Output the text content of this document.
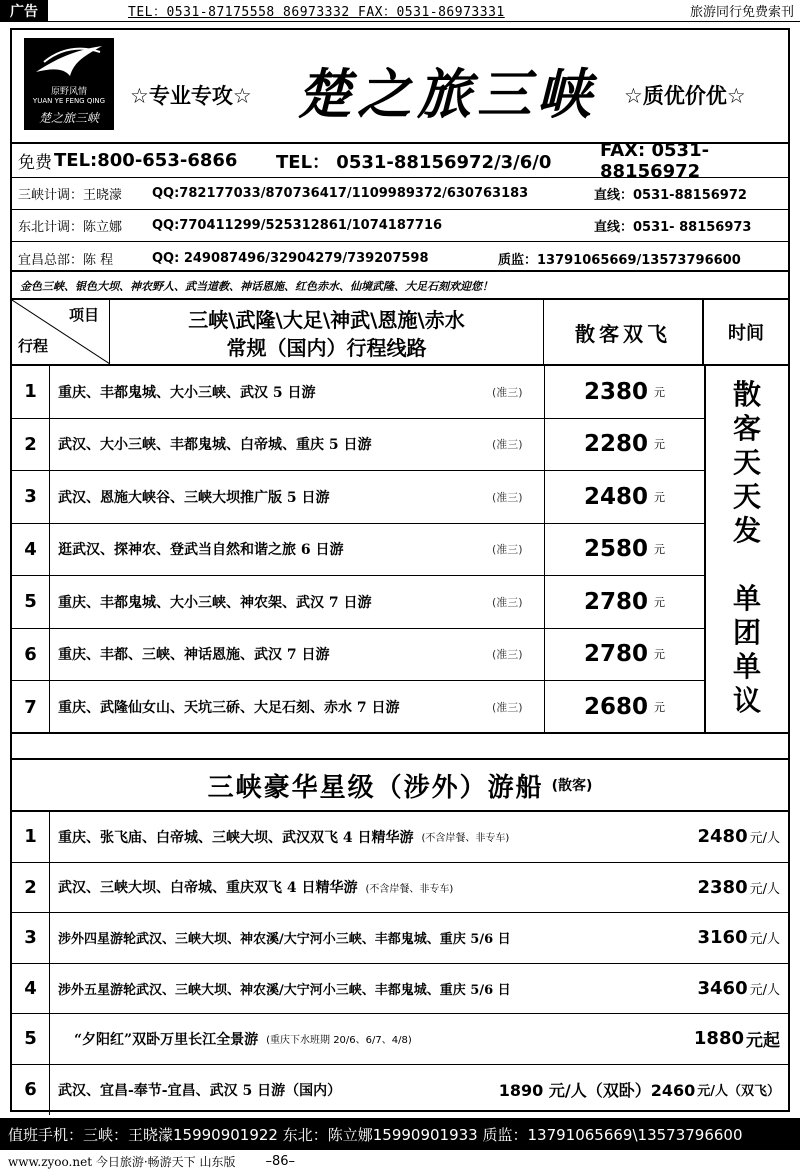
广告	TEL：0531-87175558 86973332 FAX：0531-86973331	旅游同行免费索刊
原野风情
YUAN YE FENG QING
楚之旅三峡
☆专业专攻☆ 楚之旅三峡 ☆质优价优☆
免费 TEL:800-653-6866 TEL： 0531-88156972/3/6/0
FAX: 0531-88156972
三峡计调：王晓濛 QQ:782177033/870736417/1109989372/630763183	直线：0531-88156972
东北计调：陈立娜 QQ:770411299/525312861/1074187716	直线：0531- 88156973
宜昌总部：陈 程	QQ: 249087496/32904279/739207598	质监：13791065669/13573796600
金色三峡、银色大坝、神农野人、武当道教、神话恩施、红色赤水、仙境武隆、大足石刻欢迎您！
项目
行程
三峡\武隆\大足\神武\恩施\赤水
常规（国内）行程线路
散客双飞	时间
1	重庆、丰都鬼城、大小三峡、武汉 5 日游	(准三)	2380 元
2	武汉、大小三峡、丰都鬼城、白帝城、重庆 5 日游	(准三)	2280 元
3	武汉、恩施大峡谷、三峡大坝推广版 5 日游	(准三)	2480 元
4	逛武汉、探神农、登武当自然和谐之旅 6 日游	(准三)	2580 元
5	重庆、丰都鬼城、大小三峡、神农架、武汉 7 日游	(准三)	2780 元
6	重庆、丰都、三峡、神话恩施、武汉 7 日游	(准三)	2780 元
7	重庆、武隆仙女山、天坑三硚、大足石刻、赤水 7 日游	(准三)	2680 元
散
客
天
天
发
单
团
单
议
三峡豪华星级（涉外）游船 (散客)
1	重庆、张飞庙、白帝城、三峡大坝、武汉双飞 4 日精华游 (不含岸餐、非专车)	2480 元/人
2	武汉、三峡大坝、白帝城、重庆双飞 4 日精华游 (不含岸餐、非专车)	2380 元/人
3	涉外四星游轮武汉、三峡大坝、神农溪/大宁河小三峡、丰都鬼城、重庆 5/6 日	3160 元/人
4	涉外五星游轮武汉、三峡大坝、神农溪/大宁河小三峡、丰都鬼城、重庆 5/6 日	3460 元/人
5	“夕阳红”双卧万里长江全景游 (重庆下水班期 20/6、6/7、4/8)	1880 元起
6	武汉、宜昌-奉节-宜昌、武汉 5 日游（国内）	1890 元/人（双卧）2460 元/人（双飞）
值班手机：三峡：王晓濛15990901922 东北：陈立娜15990901933 质监：13791065669\13573796600
www.zyoo.net 今日旅游·畅游天下 山东版 –86–
